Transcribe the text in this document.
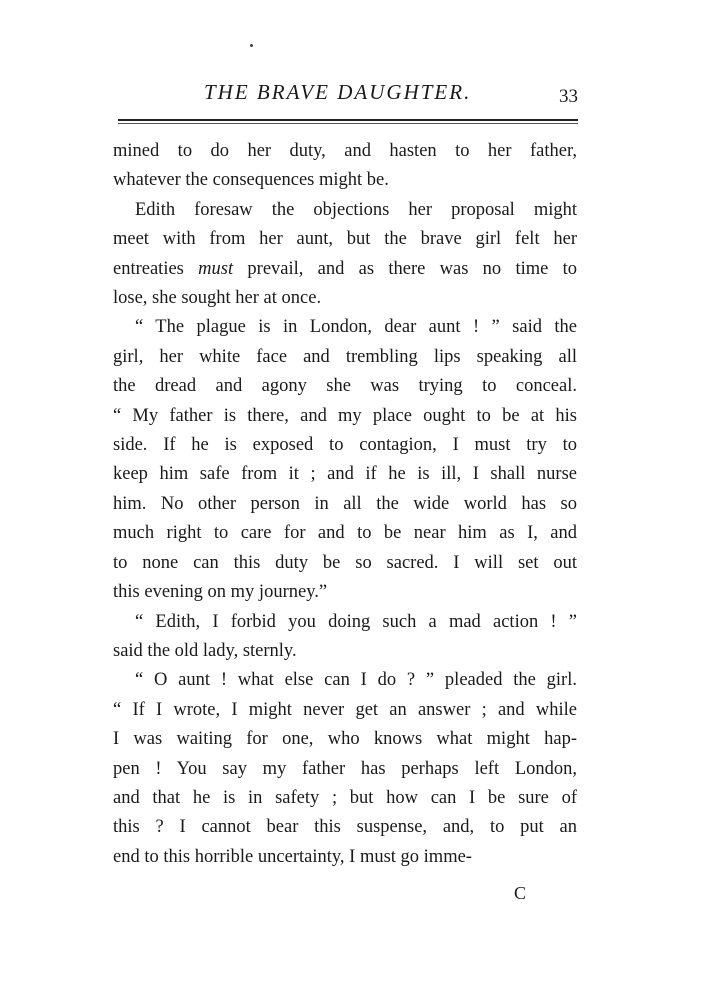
THE BRAVE DAUGHTER.	33

mined to do her duty, and hasten to her father,
whatever the consequences might be.

Edith foresaw the objections her proposal might
meet with from her aunt, but the brave girl felt her
entreaties must prevail, and as there was no time to
lose, she sought her at once.

“ The plague is in London, dear aunt ! ” said the
girl, her white face and trembling lips speaking all
the dread and agony she was trying to conceal.
“ My father is there, and my place ought to be at his
side. If he is exposed to contagion, I must try to
keep him safe from it ; and if he is ill, I shall nurse
him. No other person in all the wide world has so
much right to care for and to be near him as I, and
to none can this duty be so sacred. I will set out
this evening on my journey.”

“ Edith, I forbid you doing such a mad action ! ”
said the old lady, sternly.

“ O aunt ! what else can I do ? ” pleaded the girl.
“ If I wrote, I might never get an answer ; and while
I was waiting for one, who knows what might hap-
pen ! You say my father has perhaps left London,
and that he is in safety ; but how can I be sure of
this ? I cannot bear this suspense, and, to put an
end to this horrible uncertainty, I must go imme-

C
